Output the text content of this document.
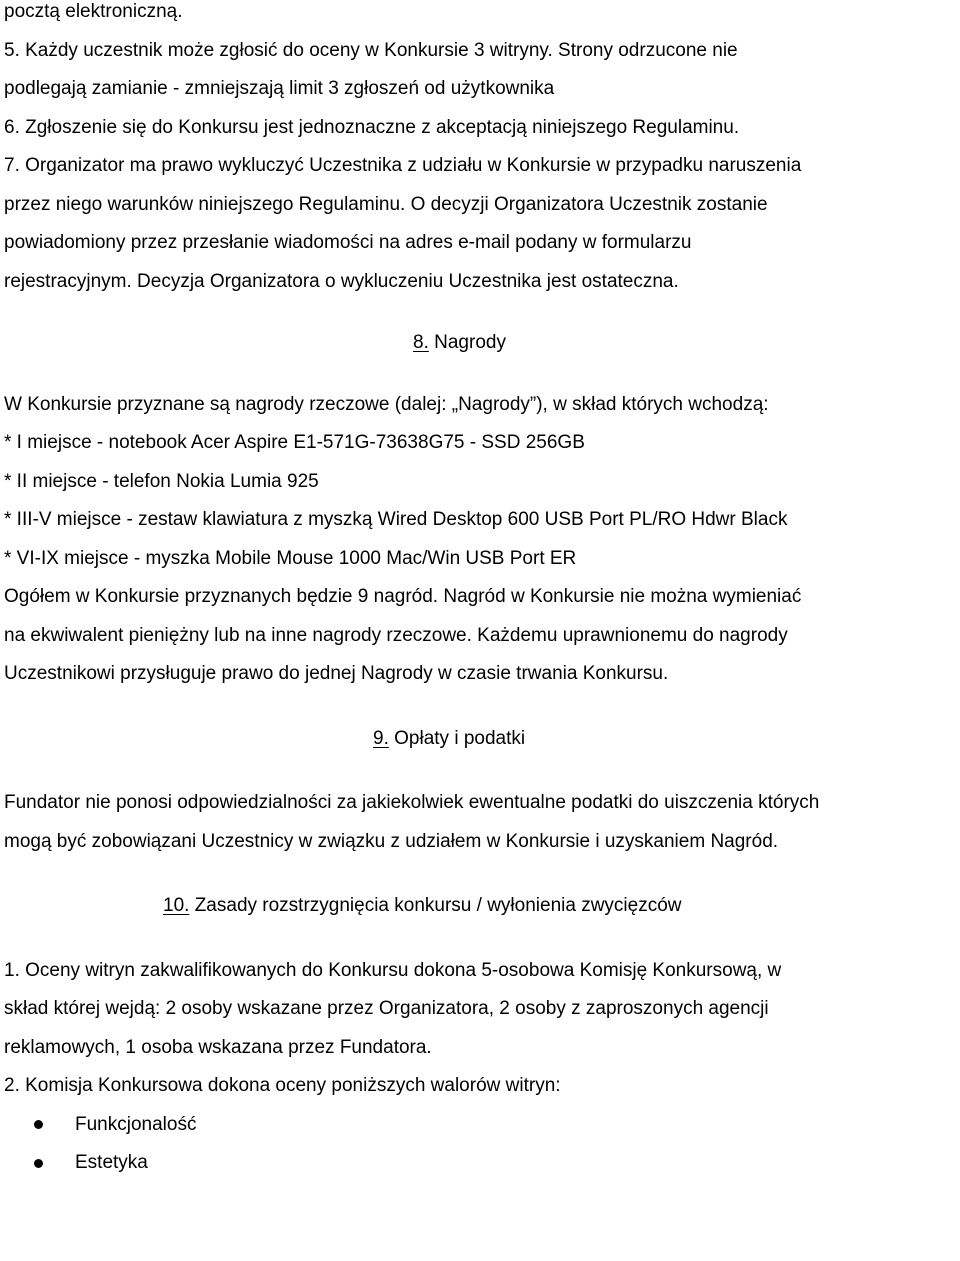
pocztą elektroniczną.

5. Każdy uczestnik może zgłosić do oceny w Konkursie 3 witryny. Strony odrzucone nie

podlegają zamianie - zmniejszają limit 3 zgłoszeń od użytkownika

6. Zgłoszenie się do Konkursu jest jednoznaczne z akceptacją niniejszego Regulaminu.

7. Organizator ma prawo wykluczyć Uczestnika z udziału w Konkursie w przypadku naruszenia

przez niego warunków niniejszego Regulaminu. O decyzji Organizatora Uczestnik zostanie

powiadomiony przez przesłanie wiadomości na adres e-mail podany w formularzu

rejestracyjnym. Decyzja Organizatora o wykluczeniu Uczestnika jest ostateczna.

8. Nagrody

W Konkursie przyznane są nagrody rzeczowe (dalej: „Nagrody”), w skład których wchodzą:

* I miejsce - notebook Acer Aspire E1-571G-73638G75 - SSD 256GB

* II miejsce - telefon Nokia Lumia 925

* III-V miejsce - zestaw klawiatura z myszką Wired Desktop 600 USB Port PL/RO Hdwr Black

* VI-IX miejsce - myszka Mobile Mouse 1000 Mac/Win USB Port ER

Ogółem w Konkursie przyznanych będzie 9 nagród. Nagród w Konkursie nie można wymieniać

na ekwiwalent pieniężny lub na inne nagrody rzeczowe. Każdemu uprawnionemu do nagrody

Uczestnikowi przysługuje prawo do jednej Nagrody w czasie trwania Konkursu.

9. Opłaty i podatki

Fundator nie ponosi odpowiedzialności za jakiekolwiek ewentualne podatki do uiszczenia których

mogą być zobowiązani Uczestnicy w związku z udziałem w Konkursie i uzyskaniem Nagród.

10. Zasady rozstrzygnięcia konkursu / wyłonienia zwycięzców

1. Oceny witryn zakwalifikowanych do Konkursu dokona 5-osobowa Komisję Konkursową, w

skład której wejdą: 2 osoby wskazane przez Organizatora, 2 osoby z zaproszonych agencji

reklamowych, 1 osoba wskazana przez Fundatora.

2. Komisja Konkursowa dokona oceny poniższych walorów witryn:

Funkcjonalość
Estetyka
